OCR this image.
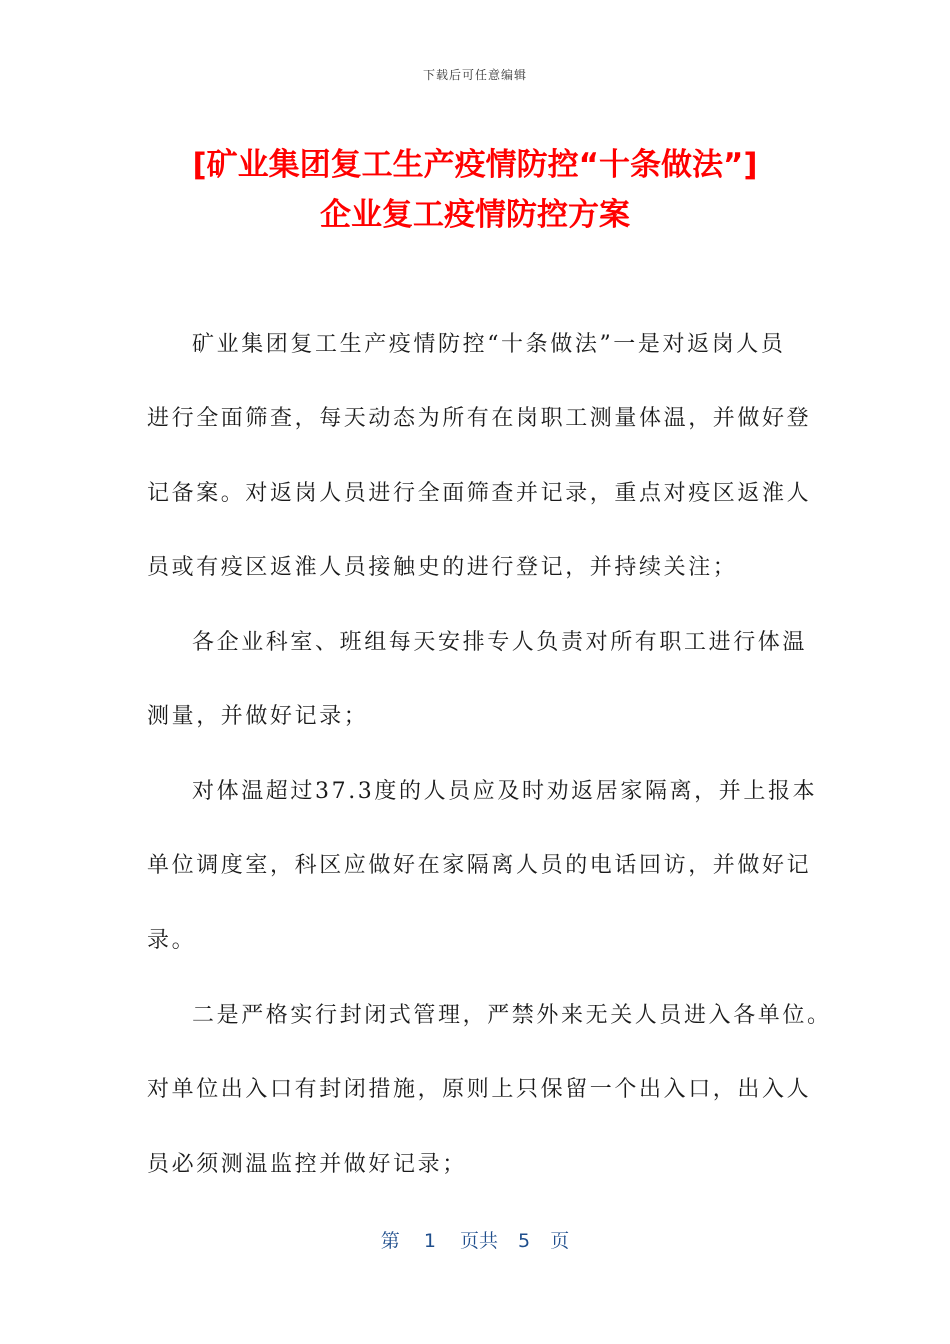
下载后可任意编辑
[矿业集团复工生产疫情防控“十条做法”]
企业复工疫情防控方案
矿业集团复工生产疫情防控“十条做法”一是对返岗人员
进行全面筛查，每天动态为所有在岗职工测量体温，并做好登
记备案。对返岗人员进行全面筛查并记录，重点对疫区返淮人
员或有疫区返淮人员接触史的进行登记，并持续关注；
各企业科室、班组每天安排专人负责对所有职工进行体温
测量，并做好记录；
对体温超过37.3度的人员应及时劝返居家隔离，并上报本
单位调度室，科区应做好在家隔离人员的电话回访，并做好记
录。
二是严格实行封闭式管理，严禁外来无关人员进入各单位。
对单位出入口有封闭措施，原则上只保留一个出入口，出入人
员必须测温监控并做好记录；
第 1 页共 5 页
